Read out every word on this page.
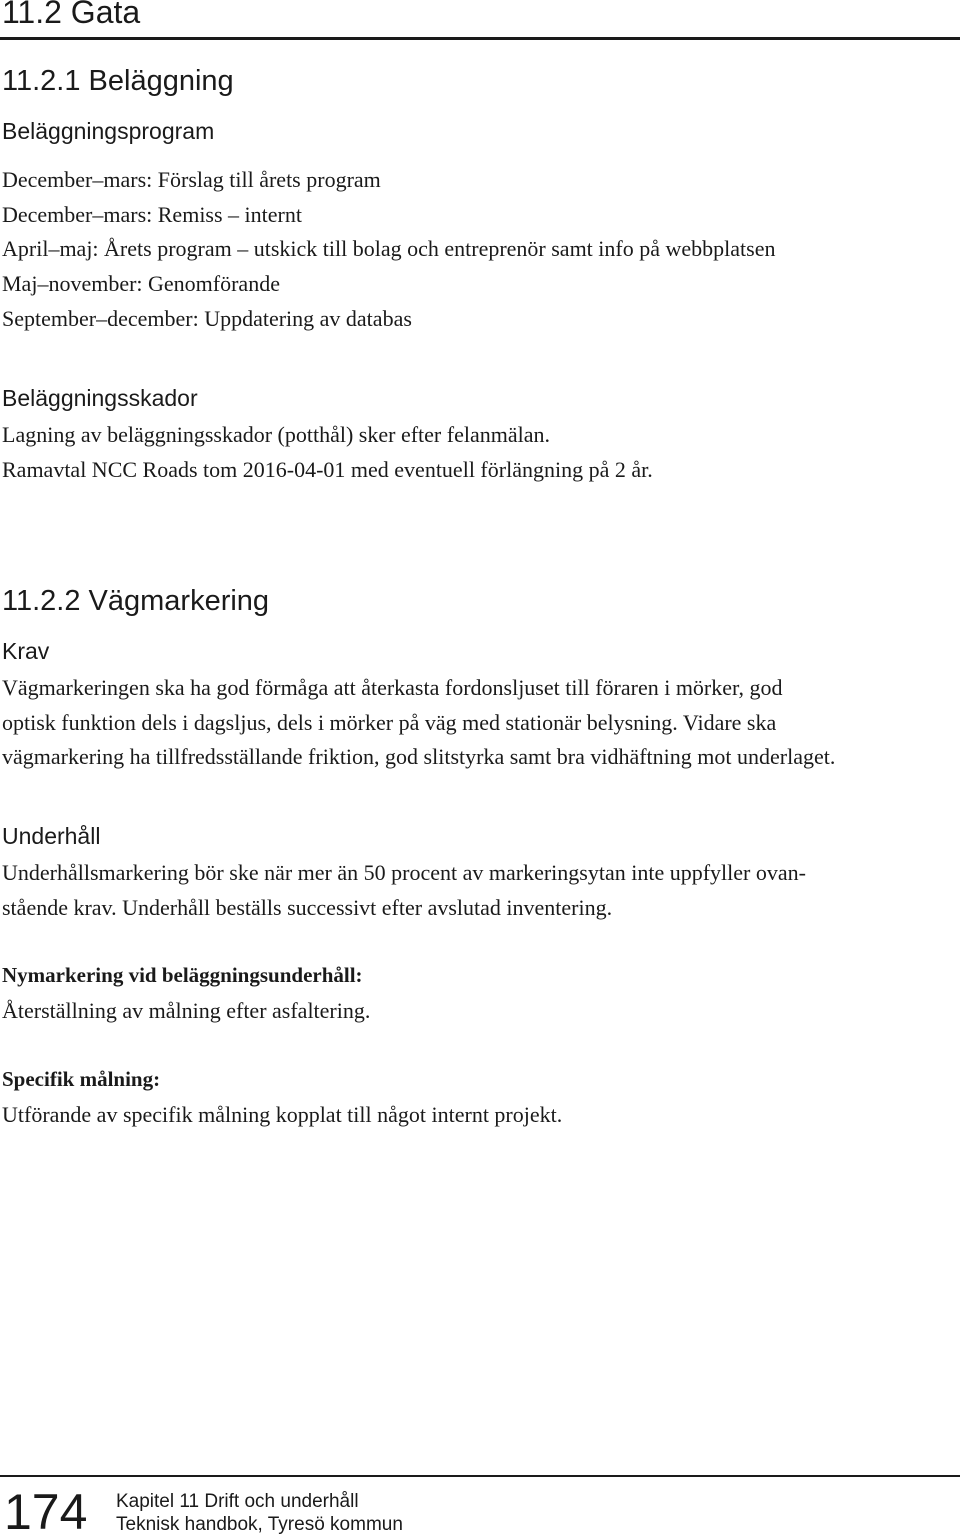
11.2 Gata
11.2.1 Beläggning
Beläggningsprogram
December–mars: Förslag till årets program
December–mars: Remiss – internt
April–maj: Årets program – utskick till bolag och entreprenör samt info på webbplatsen
Maj–november: Genomförande
September–december: Uppdatering av databas
Beläggningsskador
Lagning av beläggningsskador (potthål) sker efter felanmälan.
Ramavtal NCC Roads tom 2016-04-01 med eventuell förlängning på 2 år.
11.2.2 Vägmarkering
Krav

Vägmarkeringen ska ha god förmåga att återkasta fordonsljuset till föraren i mörker, god
optisk funktion dels i dagsljus, dels i mörker på väg med stationär belysning. Vidare ska
vägmarkering ha tillfredsställande friktion, god slitstyrka samt bra vidhäftning mot underlaget.

Underhåll

Underhållsmarkering bör ske när mer än 50 procent av markeringsytan inte uppfyller ovan-
stående krav. Underhåll beställs successivt efter avslutad inventering.

Nymarkering vid beläggningsunderhåll:

Återställning av målning efter asfaltering.

Specifik målning:

Utförande av specifik målning kopplat till något internt projekt.

174 Kapitel 11 Drift och underhåll
Teknisk handbok, Tyresö kommun
